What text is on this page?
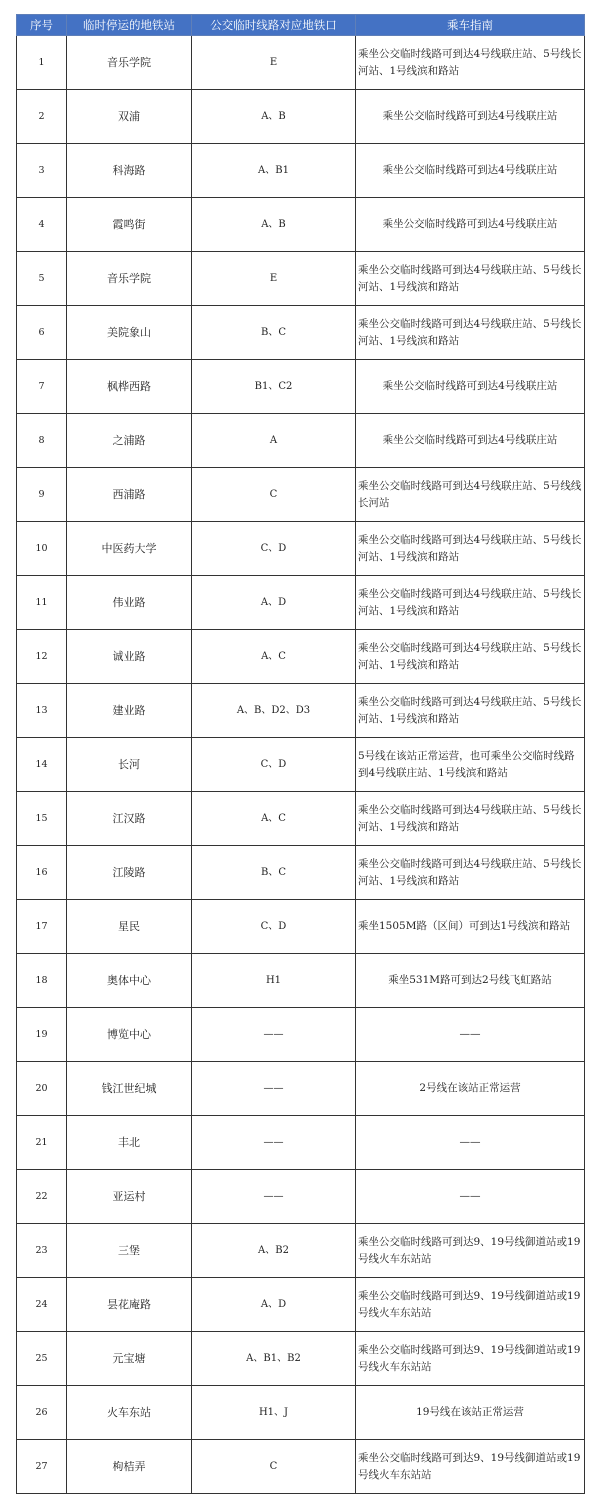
序号	临时停运的地铁站	公交临时线路对应地铁口	乘车指南
1	音乐学院	E	乘坐公交临时线路可到达4号线联庄站、5号线长河站、1号线滨和路站
2	双浦	A、B	乘坐公交临时线路可到达4号线联庄站
3	科海路	A、B1	乘坐公交临时线路可到达4号线联庄站
4	霞鸣街	A、B	乘坐公交临时线路可到达4号线联庄站
5	音乐学院	E	乘坐公交临时线路可到达4号线联庄站、5号线长河站、1号线滨和路站
6	美院象山	B、C	乘坐公交临时线路可到达4号线联庄站、5号线长河站、1号线滨和路站
7	枫桦西路	B1、C2	乘坐公交临时线路可到达4号线联庄站
8	之浦路	A	乘坐公交临时线路可到达4号线联庄站
9	西浦路	C	乘坐公交临时线路可到达4号线联庄站、5号线线长河站
10	中医药大学	C、D	乘坐公交临时线路可到达4号线联庄站、5号线长河站、1号线滨和路站
11	伟业路	A、D	乘坐公交临时线路可到达4号线联庄站、5号线长河站、1号线滨和路站
12	诚业路	A、C	乘坐公交临时线路可到达4号线联庄站、5号线长河站、1号线滨和路站
13	建业路	A、B、D2、D3	乘坐公交临时线路可到达4号线联庄站、5号线长河站、1号线滨和路站
14	长河	C、D	5号线在该站正常运营，也可乘坐公交临时线路到4号线联庄站、1号线滨和路站
15	江汉路	A、C	乘坐公交临时线路可到达4号线联庄站、5号线长河站、1号线滨和路站
16	江陵路	B、C	乘坐公交临时线路可到达4号线联庄站、5号线长河站、1号线滨和路站
17	星民	C、D	乘坐1505M路（区间）可到达1号线滨和路站
18	奥体中心	H1	乘坐531M路可到达2号线飞虹路站
19	博览中心	——	——
20	钱江世纪城	——	2号线在该站正常运营
21	丰北	——	——
22	亚运村	——	——
23	三堡	A、B2	乘坐公交临时线路可到达9、19号线御道站或19号线火车东站站
24	昙花庵路	A、D	乘坐公交临时线路可到达9、19号线御道站或19号线火车东站站
25	元宝塘	A、B1、B2	乘坐公交临时线路可到达9、19号线御道站或19号线火车东站站
26	火车东站	H1、J	19号线在该站正常运营
27	枸桔弄	C	乘坐公交临时线路可到达9、19号线御道站或19号线火车东站站
